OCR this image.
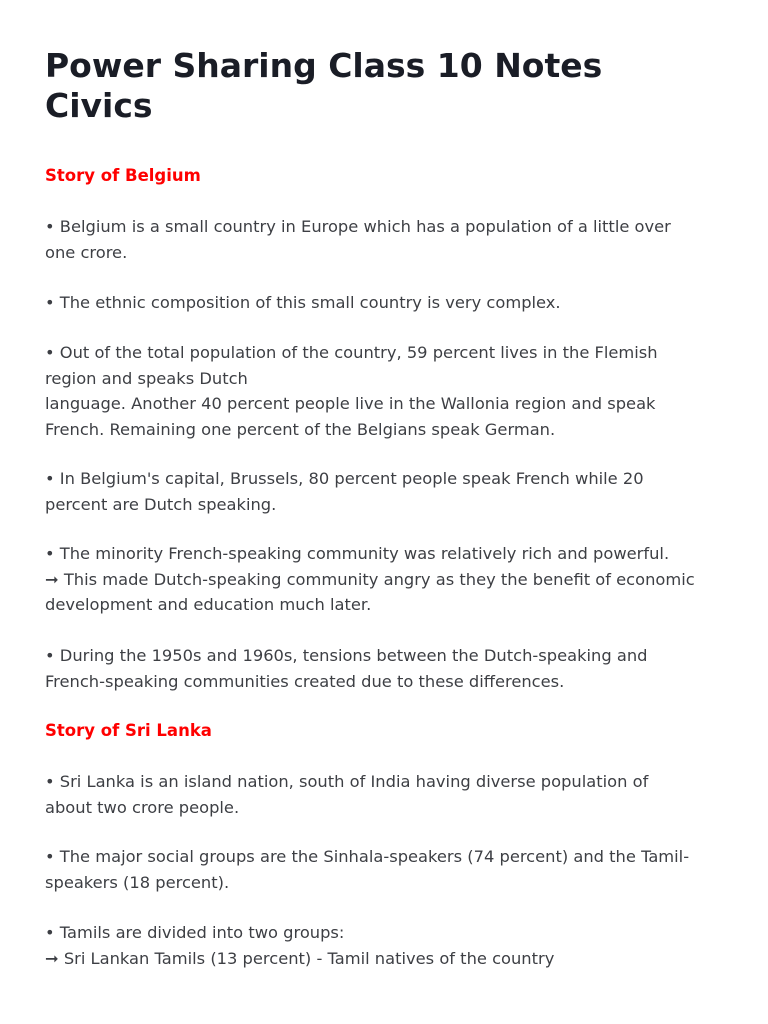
Power Sharing Class 10 Notes
Civics
Story of Belgium

• Belgium is a small country in Europe which has a population of a little over
one crore.

• The ethnic composition of this small country is very complex.

• Out of the total population of the country, 59 percent lives in the Flemish
region and speaks Dutch
language. Another 40 percent people live in the Wallonia region and speak
French. Remaining one percent of the Belgians speak German.

• In Belgium's capital, Brussels, 80 percent people speak French while 20
percent are Dutch speaking.

• The minority French-speaking community was relatively rich and powerful.
➞ This made Dutch-speaking community angry as they the benefit of economic
development and education much later.

• During the 1950s and 1960s, tensions between the Dutch-speaking and
French-speaking communities created due to these differences.

Story of Sri Lanka

• Sri Lanka is an island nation, south of India having diverse population of
about two crore people.

• The major social groups are the Sinhala-speakers (74 percent) and the Tamil-
speakers (18 percent).

• Tamils are divided into two groups:
➞ Sri Lankan Tamils (13 percent) - Tamil natives of the country
